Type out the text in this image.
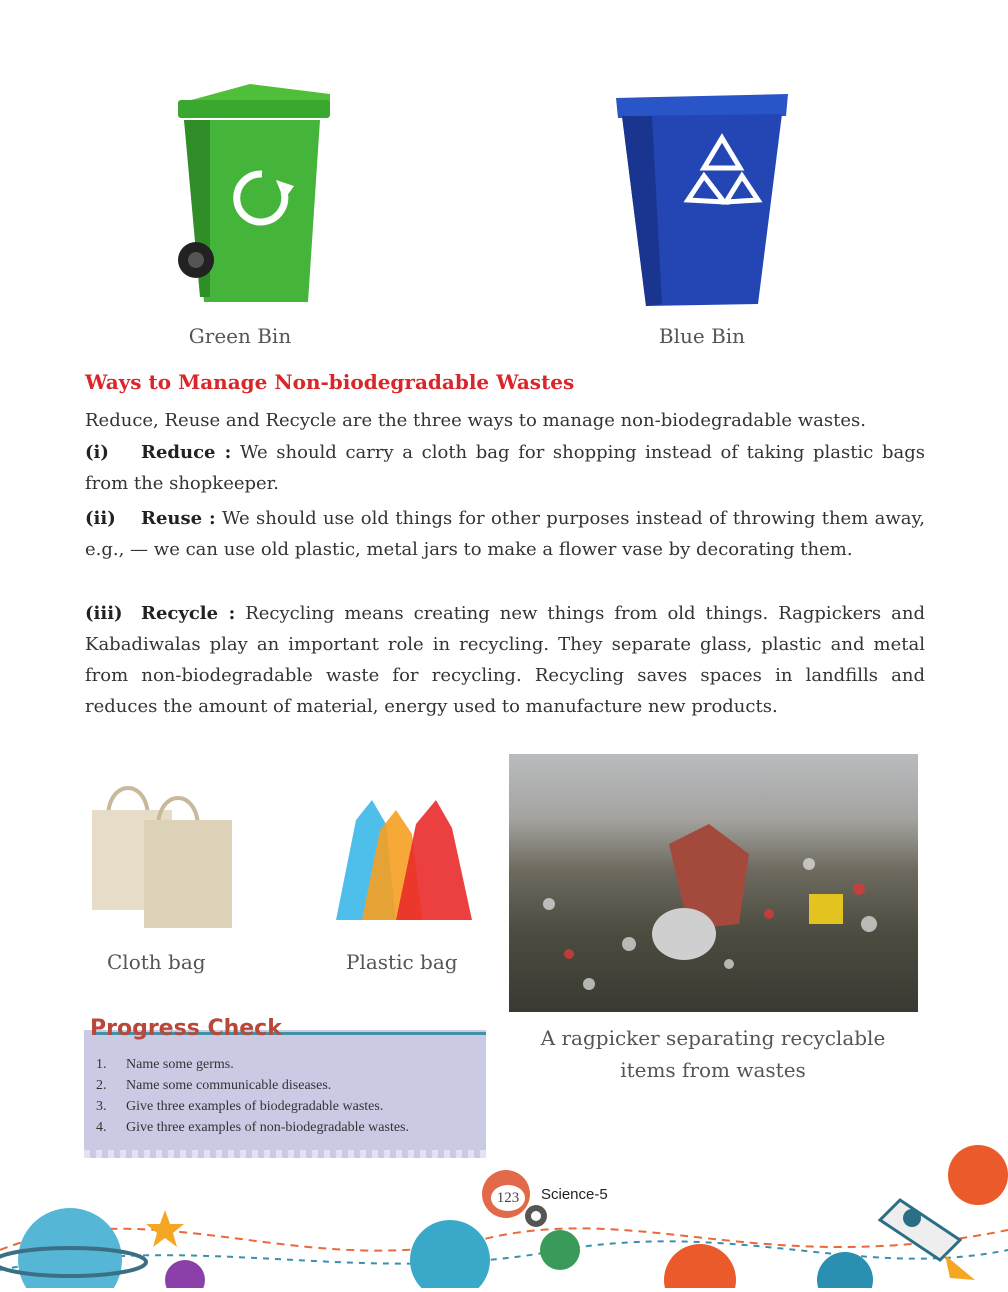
Green Bin	Blue Bin
Ways to Manage Non-biodegradable Wastes
Reduce, Reuse and Recycle are the three ways to manage non-biodegradable wastes.
(i) Reduce : We should carry a cloth bag for shopping instead of taking plastic bags from the shopkeeper.
(ii) Reuse : We should use old things for other purposes instead of throwing them away, e.g., — we can use old plastic, metal jars to make a flower vase by decorating them.
(iii) Recycle : Recycling means creating new things from old things. Ragpickers and Kabadiwalas play an important role in recycling. They separate glass, plastic and metal from non-biodegradable waste for recycling. Recycling saves spaces in landfills and reduces the amount of material, energy used to manufacture new products.
Cloth bag	Plastic bag
A ragpicker separating recyclable
items from wastes
Progress Check
1. Name some germs.
2. Name some communicable diseases.
3. Give three examples of biodegradable wastes.
4. Give three examples of non-biodegradable wastes.
123	Science-5
